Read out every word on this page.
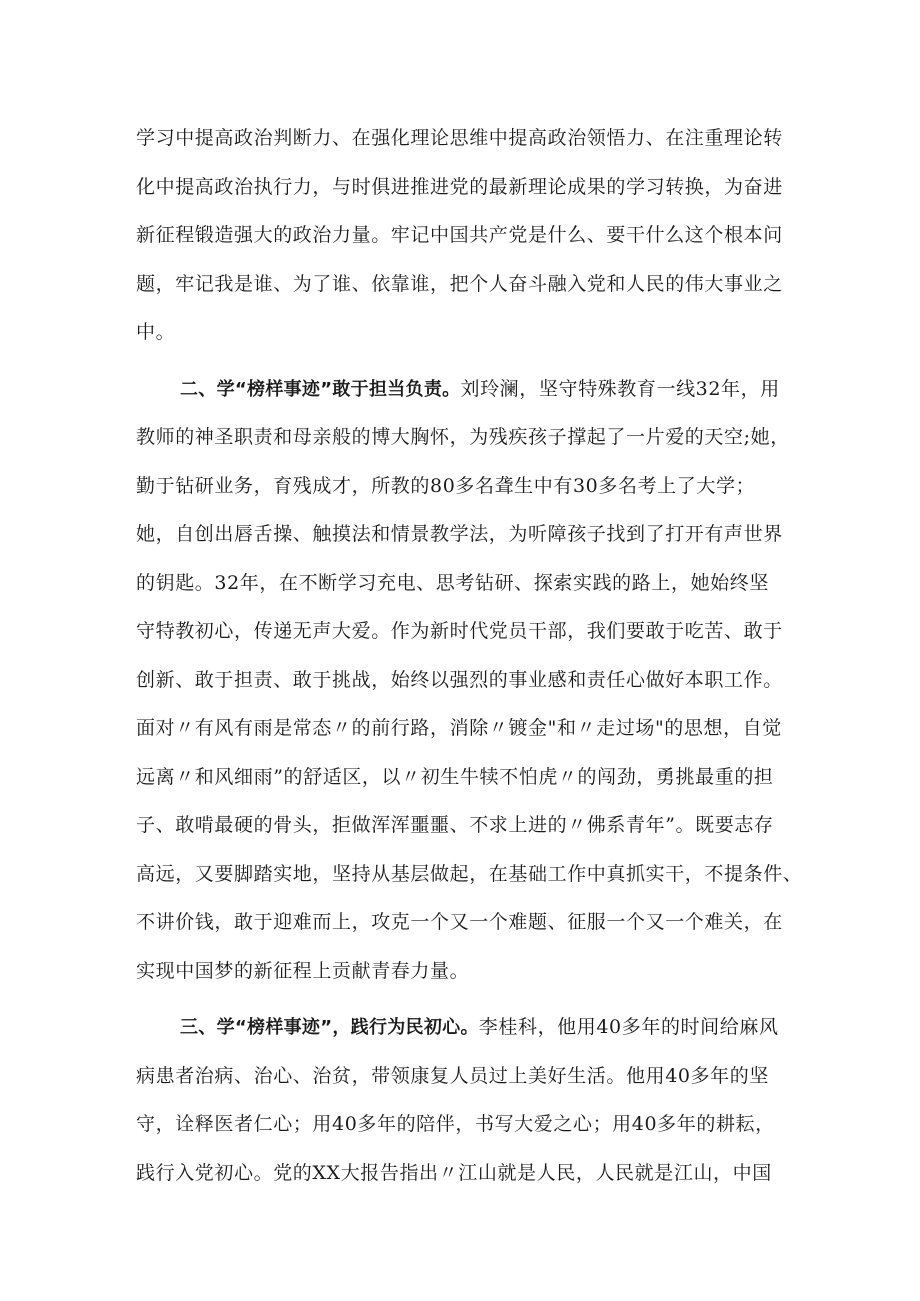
学习中提高政治判断力、在强化理论思维中提高政治领悟力、在注重理论转
化中提高政治执行力，与时俱进推进党的最新理论成果的学习转换，为奋进
新征程锻造强大的政治力量。牢记中国共产党是什么、要干什么这个根本问
题，牢记我是谁、为了谁、依靠谁，把个人奋斗融入党和人民的伟大事业之
中。
二、学“榜样事迹”敢于担当负责。刘玲澜，坚守特殊教育一线32年，用
教师的神圣职责和母亲般的博大胸怀，为残疾孩子撑起了一片爱的天空;她，
勤于钻研业务，育残成才，所教的80多名聋生中有30多名考上了大学；
她，自创出唇舌操、触摸法和情景教学法，为听障孩子找到了打开有声世界
的钥匙。32年，在不断学习充电、思考钻研、探索实践的路上，她始终坚
守特教初心，传递无声大爱。作为新时代党员干部，我们要敢于吃苦、敢于
创新、敢于担责、敢于挑战，始终以强烈的事业感和责任心做好本职工作。
面对〃有风有雨是常态〃的前行路，消除〃镀金"和〃走过场"的思想，自觉
远离〃和风细雨”的舒适区，以〃初生牛犊不怕虎〃的闯劲，勇挑最重的担
子、敢啃最硬的骨头，拒做浑浑噩噩、不求上进的〃佛系青年”。既要志存
高远，又要脚踏实地，坚持从基层做起，在基础工作中真抓实干，不提条件、
不讲价钱，敢于迎难而上，攻克一个又一个难题、征服一个又一个难关，在
实现中国梦的新征程上贡献青春力量。
三、学“榜样事迹”，践行为民初心。李桂科，他用40多年的时间给麻风
病患者治病、治心、治贫，带领康复人员过上美好生活。他用40多年的坚
守，诠释医者仁心；用40多年的陪伴，书写大爱之心；用40多年的耕耘，
践行入党初心。党的XX大报告指出〃江山就是人民，人民就是江山，中国
